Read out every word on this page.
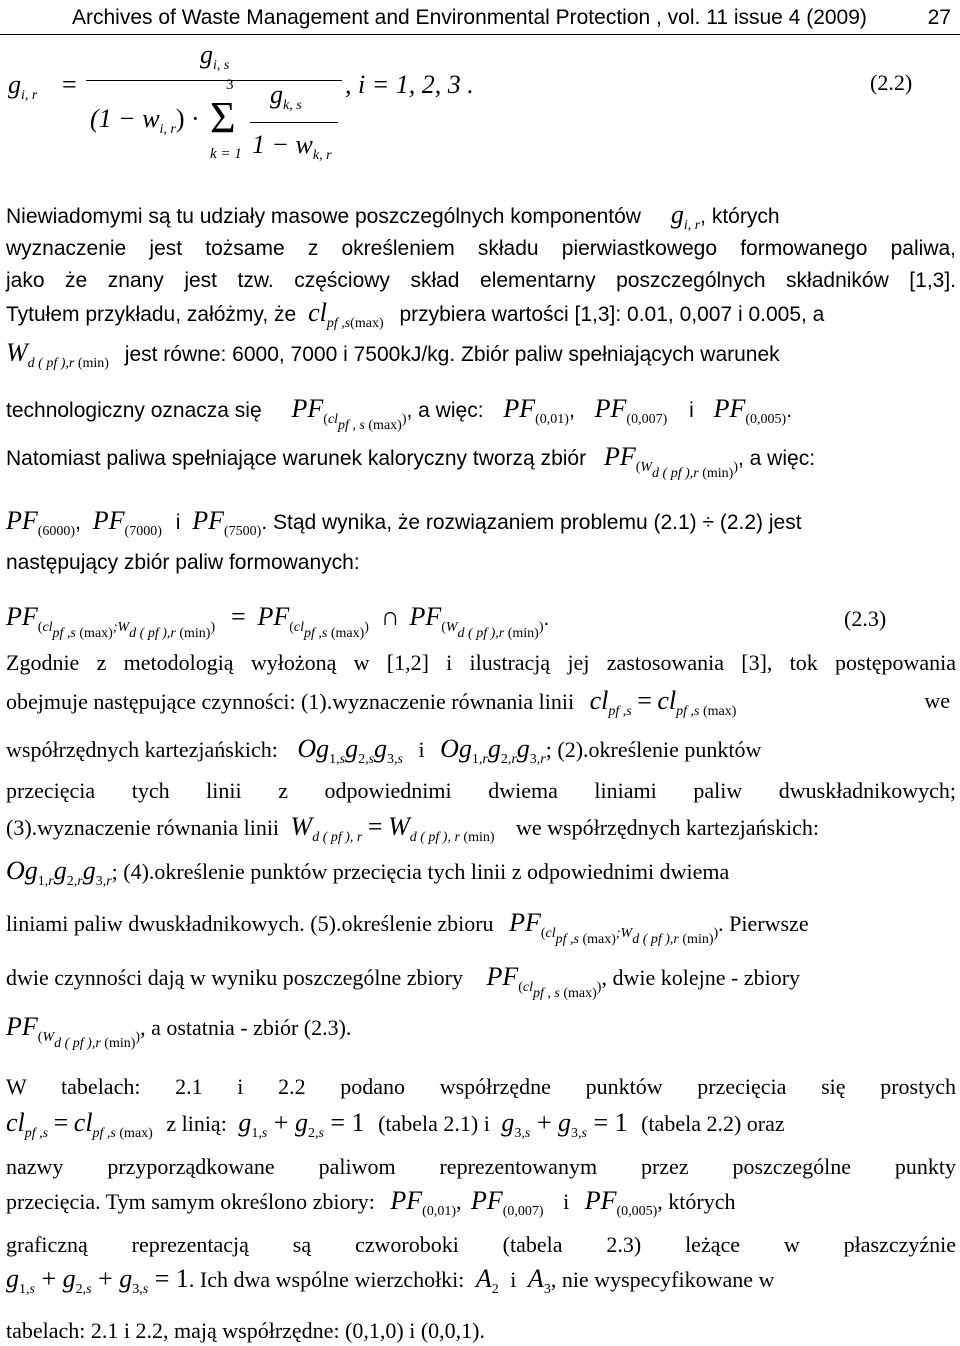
Archives of Waste Management and Environmental Protection , vol. 11 issue 4 (2009)	27
$g_{i, r}$ =
$g_{i, s}$
$(1 - w_{i, r})$ ·
3
Σ
k = 1
$g_{k, s}$
$1 - w_{k, r}$
, i = 1, 2, 3 .	(2.2)
Niewiadomymi są tu udziały masowe poszczególnych komponentów $g_{i, r}$, których
wyznaczenie jest tożsame z określeniem składu pierwiastkowego formowanego paliwa,
jako że znany jest tzw. częściowy skład elementarny poszczególnych składników [1,3].
Tytułem przykładu, załóżmy, że $cl_{pf ,s(max)}$ przybiera wartości [1,3]: 0.01, 0,007 i 0.005, a
$W_{d ( pf ),r (min)}$ jest równe: 6000, 7000 i 7500kJ/kg. Zbiór paliw spełniających warunek
technologiczny oznacza się $PF_{(cl_{pf , s (max)})}$, a więc: $PF_{(0,01)}$, $PF_{(0,007)}$ i $PF_{(0,005)}$.
Natomiast paliwa spełniające warunek kaloryczny tworzą zbiór $PF_{(W_{d ( pf ),r (min)})}$, a więc:
$PF_{(6000)}$, $PF_{(7000)}$ i $PF_{(7500)}$. Stąd wynika, że rozwiązaniem problemu (2.1) ÷ (2.2) jest
następujący zbiór paliw formowanych:
$PF_{(cl_{pf ,s (max)};W_{d ( pf ),r (min)})} = PF_{(cl_{pf ,s (max)})}$ ∩ $PF_{(W_{d ( pf ),r (min)})}$.	(2.3)
Zgodnie z metodologią wyłożoną w [1,2] i ilustracją jej zastosowania [3], tok postępowania
obejmuje następujące czynności: (1).wyznaczenie równania linii $cl_{pf ,s} = cl_{pf ,s (max)}$	we
współrzędnych kartezjańskich: $Og_{1,s}g_{2,s}g_{3,s}$ i $Og_{1,r}g_{2,r}g_{3,r}$; (2).określenie punktów
przecięcia tych linii z odpowiednimi dwiema liniami paliw dwuskładnikowych;
(3).wyznaczenie równania linii $W_{d ( pf ), r} = W_{d ( pf ), r (min)}$ we współrzędnych kartezjańskich:
$Og_{1,r}g_{2,r}g_{3,r}$; (4).określenie punktów przecięcia tych linii z odpowiednimi dwiema
liniami paliw dwuskładnikowych. (5).określenie zbioru $PF_{(cl_{pf ,s (max)};W_{d ( pf ),r (min)})}$. Pierwsze
dwie czynności dają w wyniku poszczególne zbiory $PF_{(cl_{pf , s (max)})}$, dwie kolejne - zbiory
$PF_{(W_{d ( pf ),r (min)})}$, a ostatnia - zbiór (2.3).
W tabelach: 2.1 i 2.2 podano współrzędne punktów przecięcia się prostych
$cl_{pf ,s} = cl_{pf ,s (max)}$ z linią: $g_{1,s} + g_{2,s} = 1$ (tabela 2.1) i $g_{3,s} + g_{3,s} = 1$ (tabela 2.2) oraz
nazwy przyporządkowane paliwom reprezentowanym przez poszczególne punkty
przecięcia. Tym samym określono zbiory: $PF_{(0,01)}$, $PF_{(0,007)}$ i $PF_{(0,005)}$, których
graficzną reprezentacją są czworoboki (tabela 2.3) leżące w płaszczyźnie
$g_{1,s} + g_{2,s} + g_{3,s} = 1$. Ich dwa wspólne wierzchołki: $A_2$ i $A_3$, nie wyspecyfikowane w
tabelach: 2.1 i 2.2, mają współrzędne: (0,1,0) i (0,0,1).
